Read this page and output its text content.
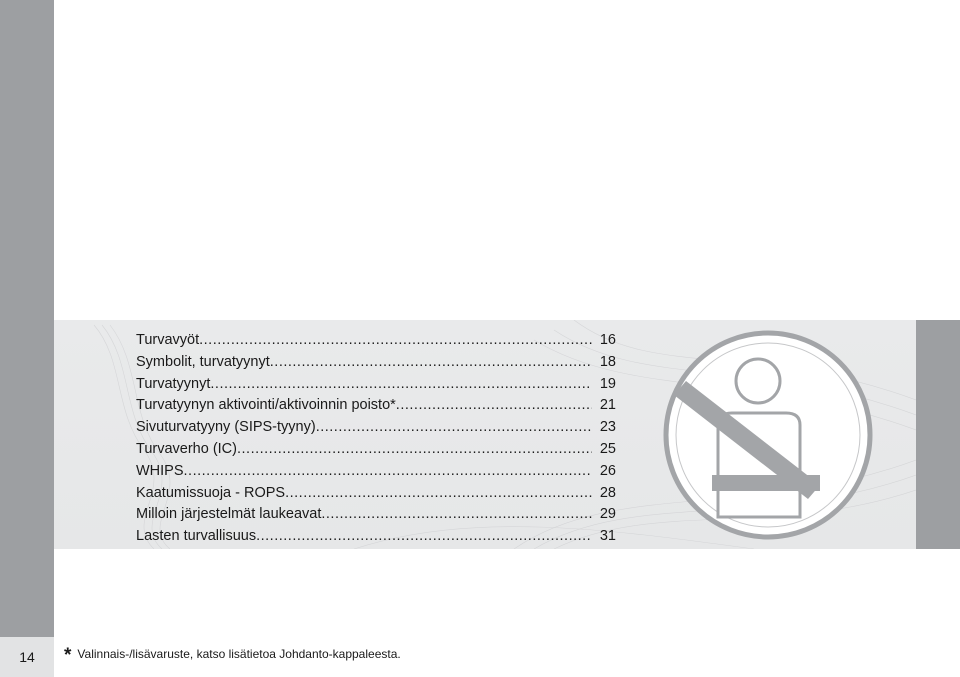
14
Turvavyöt .....	16
Symbolit, turvatyynyt .....	18
Turvatyynyt .....	19
Turvatyynyn aktivointi/aktivoinnin poisto* .....	21
Sivuturvatyyny (SIPS-tyyny) .....	23
Turvaverho (IC) .....	25
WHIPS .....	26
Kaatumissuoja - ROPS .....	28
Milloin järjestelmät laukeavat .....	29
Lasten turvallisuus .....	31
* Valinnais-/lisävaruste, katso lisätietoa Johdanto-kappaleesta.
